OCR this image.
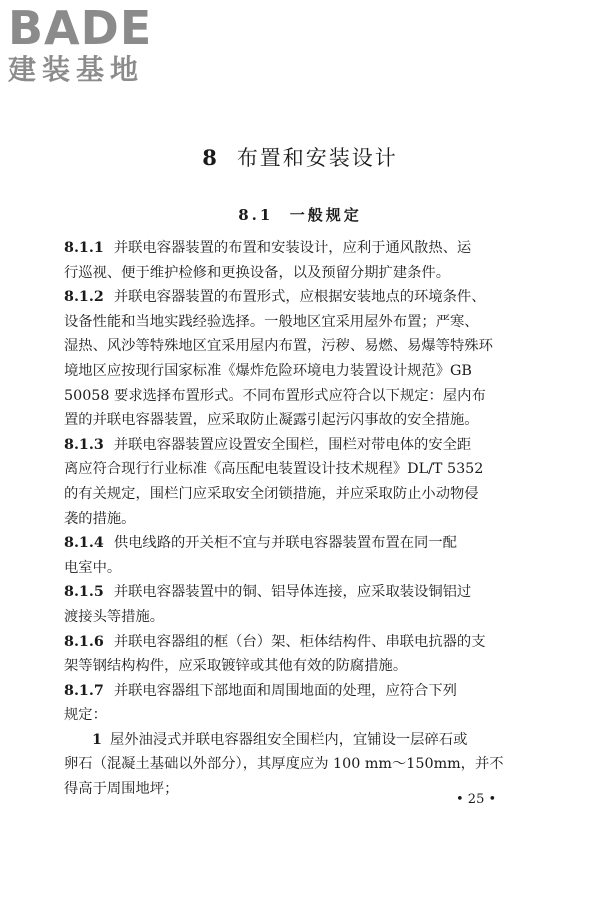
BADE
建装基地
8 布置和安装设计
8.1 一般规定
8.1.1 并联电容器装置的布置和安装设计，应利于通风散热、运
行巡视、便于维护检修和更换设备，以及预留分期扩建条件。
8.1.2 并联电容器装置的布置形式，应根据安装地点的环境条件、
设备性能和当地实践经验选择。一般地区宜采用屋外布置；严寒、
湿热、风沙等特殊地区宜采用屋内布置，污秽、易燃、易爆等特殊环
境地区应按现行国家标准《爆炸危险环境电力装置设计规范》GB
50058 要求选择布置形式。不同布置形式应符合以下规定：屋内布
置的并联电容器装置，应采取防止凝露引起污闪事故的安全措施。
8.1.3 并联电容器装置应设置安全围栏，围栏对带电体的安全距
离应符合现行行业标准《高压配电装置设计技术规程》DL/T 5352
的有关规定，围栏门应采取安全闭锁措施，并应采取防止小动物侵
袭的措施。
8.1.4 供电线路的开关柜不宜与并联电容器装置布置在同一配
电室中。
8.1.5 并联电容器装置中的铜、铝导体连接，应采取装设铜铝过
渡接头等措施。
8.1.6 并联电容器组的框（台）架、柜体结构件、串联电抗器的支
架等钢结构构件，应采取镀锌或其他有效的防腐措施。
8.1.7 并联电容器组下部地面和周围地面的处理，应符合下列
规定：
1 屋外油浸式并联电容器组安全围栏内，宜铺设一层碎石或
卵石（混凝土基础以外部分），其厚度应为 100 mm～150mm，并不
得高于周围地坪；
• 25 •
